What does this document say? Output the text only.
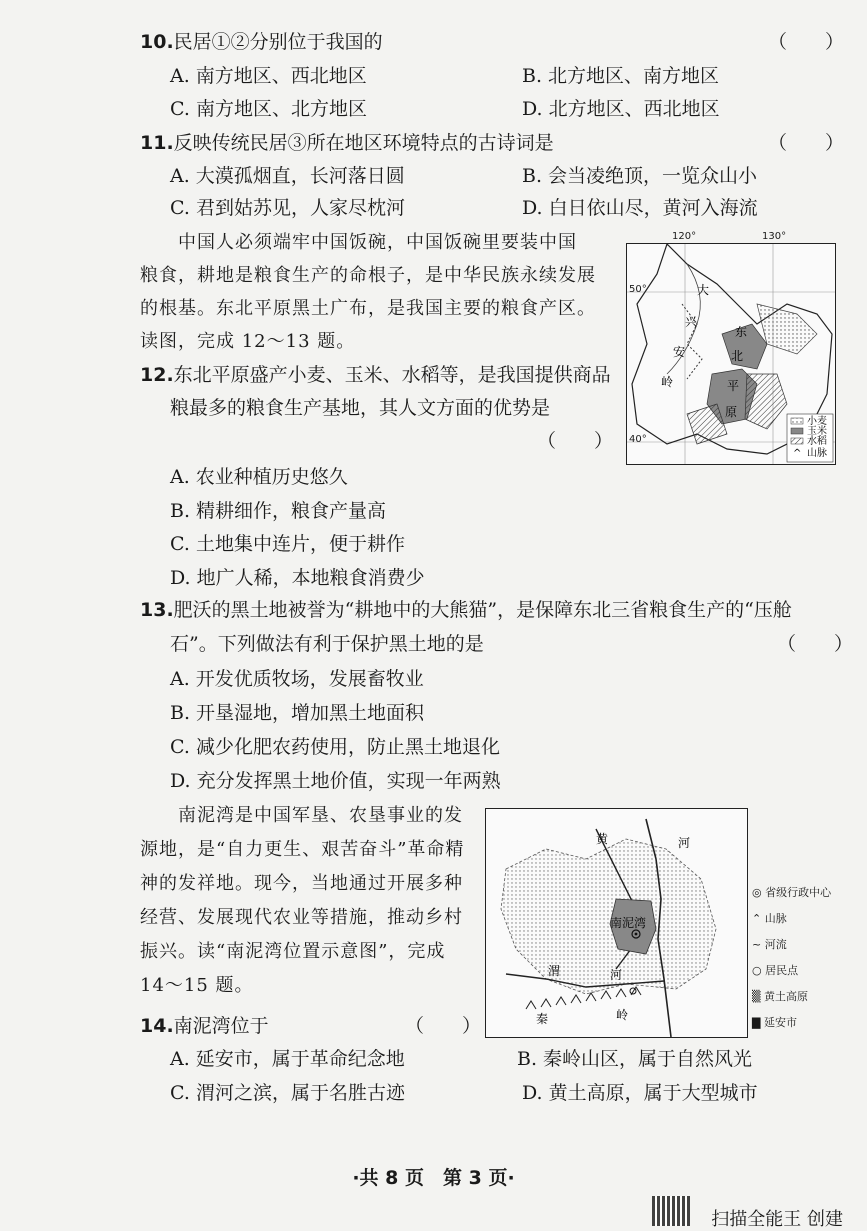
10.民居①②分别位于我国的	（　　）
A. 南方地区、西北地区	B. 北方地区、南方地区
C. 南方地区、北方地区	D. 北方地区、西北地区
11.反映传统民居③所在地区环境特点的古诗词是	（　　）
A. 大漠孤烟直，长河落日圆	B. 会当凌绝顶，一览众山小
C. 君到姑苏见，人家尽枕河	D. 白日依山尽，黄河入海流
中国人必须端牢中国饭碗，中国饭碗里要装中国
粮食，耕地是粮食生产的命根子，是中华民族永续发展
的根基。东北平原黑土广布，是我国主要的粮食产区。
读图，完成 12～13 题。
大
兴
安
岭
东
北
平
原
^
小麦
玉米
水稻
山脉
50°
40°
120°	130°
12.东北平原盛产小麦、玉米、水稻等，是我国提供商品
粮最多的粮食生产基地，其人文方面的优势是
（　　）
A. 农业种植历史悠久
B. 精耕细作，粮食产量高
C. 土地集中连片，便于耕作
D. 地广人稀，本地粮食消费少
13.肥沃的黑土地被誉为“耕地中的大熊猫”，是保障东北三省粮食生产的“压舱
石”。下列做法有利于保护黑土地的是	（　　）
A. 开发优质牧场，发展畜牧业
B. 开垦湿地，增加黑土地面积
C. 减少化肥农药使用，防止黑土地退化
D. 充分发挥黑土地价值，实现一年两熟
南泥湾是中国军垦、农垦事业的发
源地，是“自力更生、艰苦奋斗”革命精
神的发祥地。现今，当地通过开展多种
经营、发展现代农业等措施，推动乡村
振兴。读“南泥湾位置示意图”，完成
14～15 题。
黄	河
南泥湾
渭	河
秦	岭
◎ 省级行政中心
⌃ 山脉
~ 河流
○ 居民点
▒ 黄土高原
▇ 延安市
14.南泥湾位于	（　　）
A. 延安市，属于革命纪念地	B. 秦岭山区，属于自然风光
C. 渭河之滨，属于名胜古迹	D. 黄土高原，属于大型城市
·共 8 页　第 3 页·
扫描全能王 创建
